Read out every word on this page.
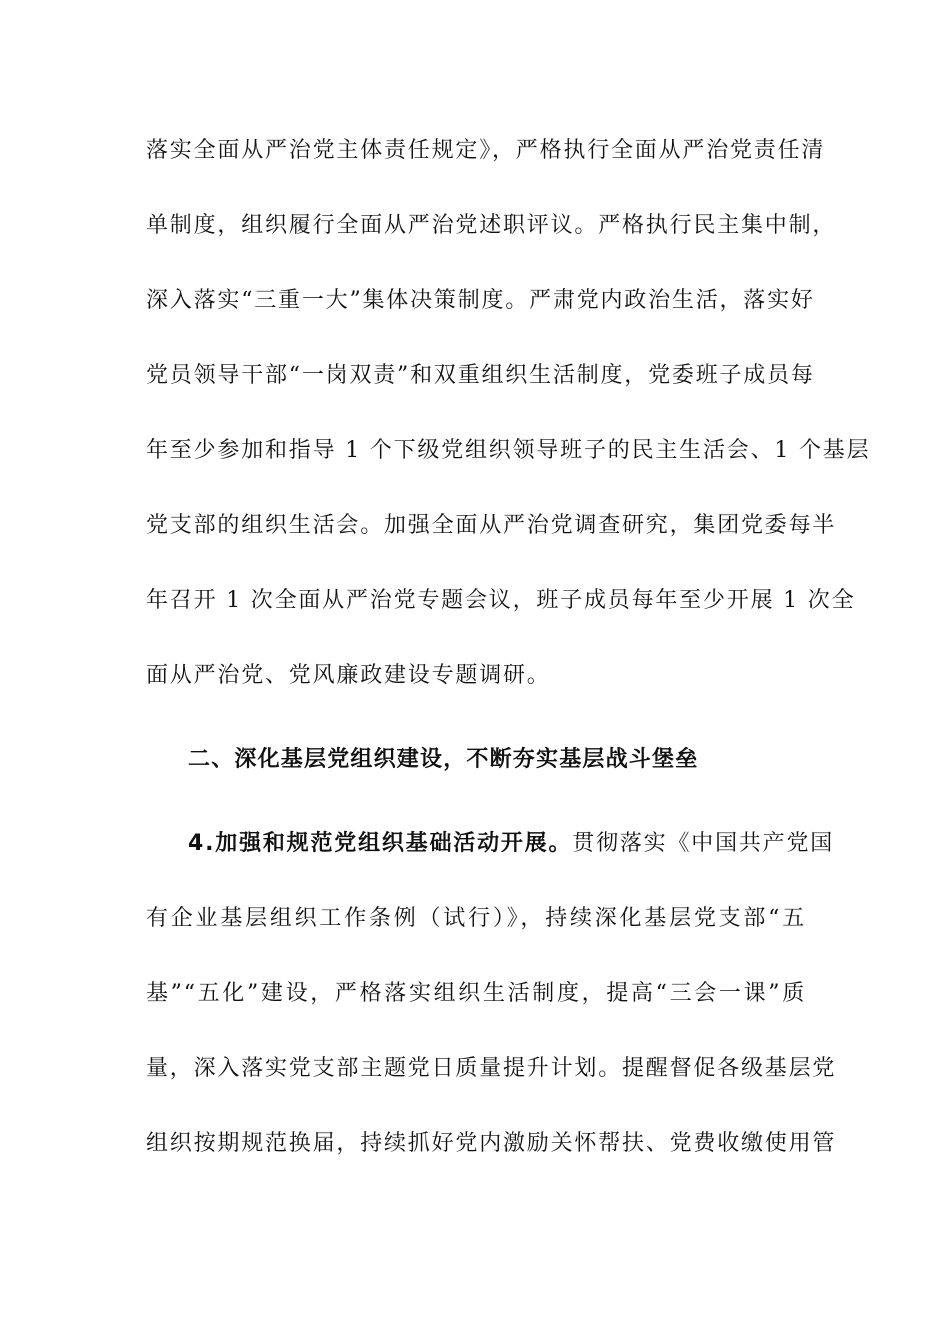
落实全面从严治党主体责任规定》，严格执行全面从严治党责任清
单制度，组织履行全面从严治党述职评议。严格执行民主集中制，
深入落实“三重一大”集体决策制度。严肃党内政治生活，落实好
党员领导干部“一岗双责”和双重组织生活制度，党委班子成员每
年至少参加和指导 1 个下级党组织领导班子的民主生活会、1 个基层
党支部的组织生活会。加强全面从严治党调查研究，集团党委每半
年召开 1 次全面从严治党专题会议，班子成员每年至少开展 1 次全
面从严治党、党风廉政建设专题调研。
二、深化基层党组织建设，不断夯实基层战斗堡垒
4.加强和规范党组织基础活动开展。贯彻落实《中国共产党国
有企业基层组织工作条例（试行）》，持续深化基层党支部“五
基”“五化”建设，严格落实组织生活制度，提高“三会一课”质
量，深入落实党支部主题党日质量提升计划。提醒督促各级基层党
组织按期规范换届，持续抓好党内激励关怀帮扶、党费收缴使用管
